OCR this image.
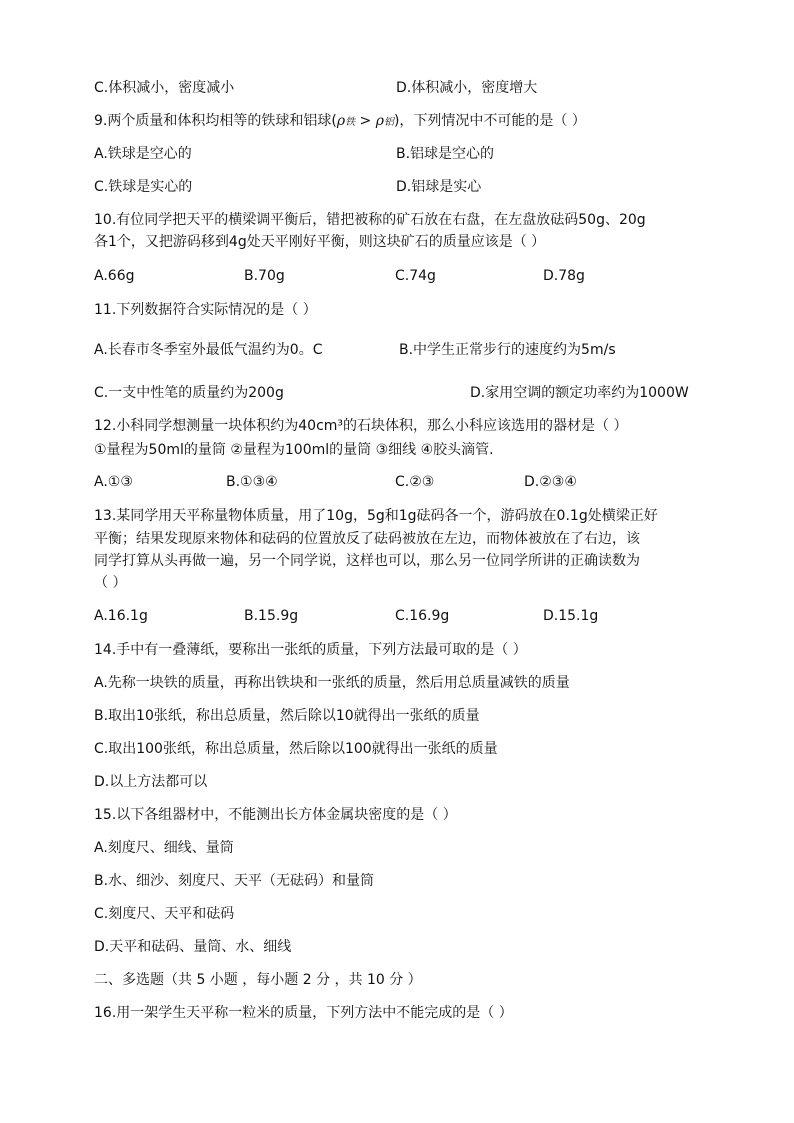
C.体积减小，密度减小	D.体积减小，密度增大
9.两个质量和体积均相等的铁球和铝球(ρ铁 > ρ铝)，下列情况中不可能的是（ ）
A.铁球是空心的	B.铝球是空心的
C.铁球是实心的	D.铝球是实心
10.有位同学把天平的横梁调平衡后，错把被称的矿石放在右盘，在左盘放砝码50g、20g
各1个，又把游码移到4g处天平刚好平衡，则这块矿石的质量应该是（ ）
A.66g	B.70g	C.74g	D.78g
11.下列数据符合实际情况的是（ ）
A.长春市冬季室外最低气温约为0。C	B.中学生正常步行的速度约为5m/s
C.一支中性笔的质量约为200g	D.家用空调的额定功率约为1000W
12.小科同学想测量一块体积约为40cm³的石块体积，那么小科应该选用的器材是（ ）
①量程为50ml的量筒 ②量程为100ml的量筒 ③细线 ④胶头滴管.
A.①③	B.①③④	C.②③	D.②③④
13.某同学用天平称量物体质量，用了10g，5g和1g砝码各一个，游码放在0.1g处横梁正好
平衡；结果发现原来物体和砝码的位置放反了砝码被放在左边，而物体被放在了右边，该
同学打算从头再做一遍，另一个同学说，这样也可以，那么另一位同学所讲的正确读数为
（ ）
A.16.1g	B.15.9g	C.16.9g	D.15.1g
14.手中有一叠薄纸，要称出一张纸的质量，下列方法最可取的是（ ）
A.先称一块铁的质量，再称出铁块和一张纸的质量，然后用总质量减铁的质量
B.取出10张纸，称出总质量，然后除以10就得出一张纸的质量
C.取出100张纸，称出总质量，然后除以100就得出一张纸的质量
D.以上方法都可以
15.以下各组器材中，不能测出长方体金属块密度的是（ ）
A.刻度尺、细线、量筒
B.水、细沙、刻度尺、天平（无砝码）和量筒
C.刻度尺、天平和砝码
D.天平和砝码、量筒、水、细线
二、多选题（共 5 小题 ，每小题 2 分 ，共 10 分 ）
16.用一架学生天平称一粒米的质量，下列方法中不能完成的是（ ）
